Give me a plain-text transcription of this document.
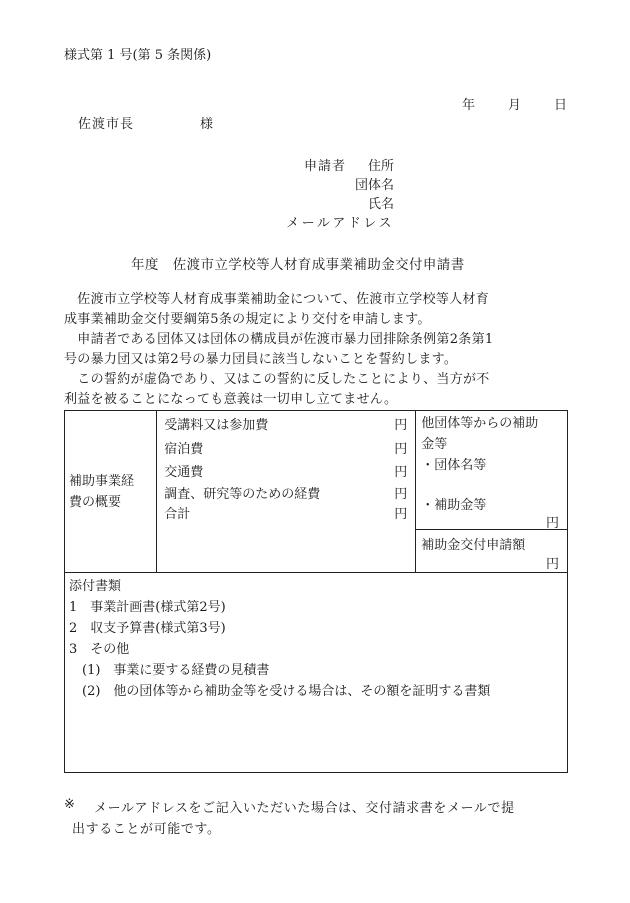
様式第 1 号(第 5 条関係)
年	月	日
佐渡市長	様
申請者	住所
団体名
氏名
メールアドレス
年度　佐渡市立学校等人材育成事業補助金交付申請書
　佐渡市立学校等人材育成事業補助金について、佐渡市立学校等人材育
成事業補助金交付要綱第5条の規定により交付を申請します。
　申請者である団体又は団体の構成員が佐渡市暴力団排除条例第2条第1
号の暴力団又は第2号の暴力団員に該当しないことを誓約します。
　この誓約が虚偽であり、又はこの誓約に反したことにより、当方が不
利益を被ることになっても意義は一切申し立てません。
補助事業経
費の概要

受講料又は参加費	円
宿泊費	円
交通費	円
調査、研究等のための経費	円
合計	円

他団体等からの補助
金等
・団体名等
・補助金等
円

補助金交付申請額
円

添付書類
1　事業計画書(様式第2号)
2　収支予算書(様式第3号)
3　その他
　(1)　事業に要する経費の見積書
　(2)　他の団体等から補助金等を受ける場合は、その額を証明する書類
※ メールアドレスをご記入いただいた場合は、交付請求書をメールで提
出することが可能です。
